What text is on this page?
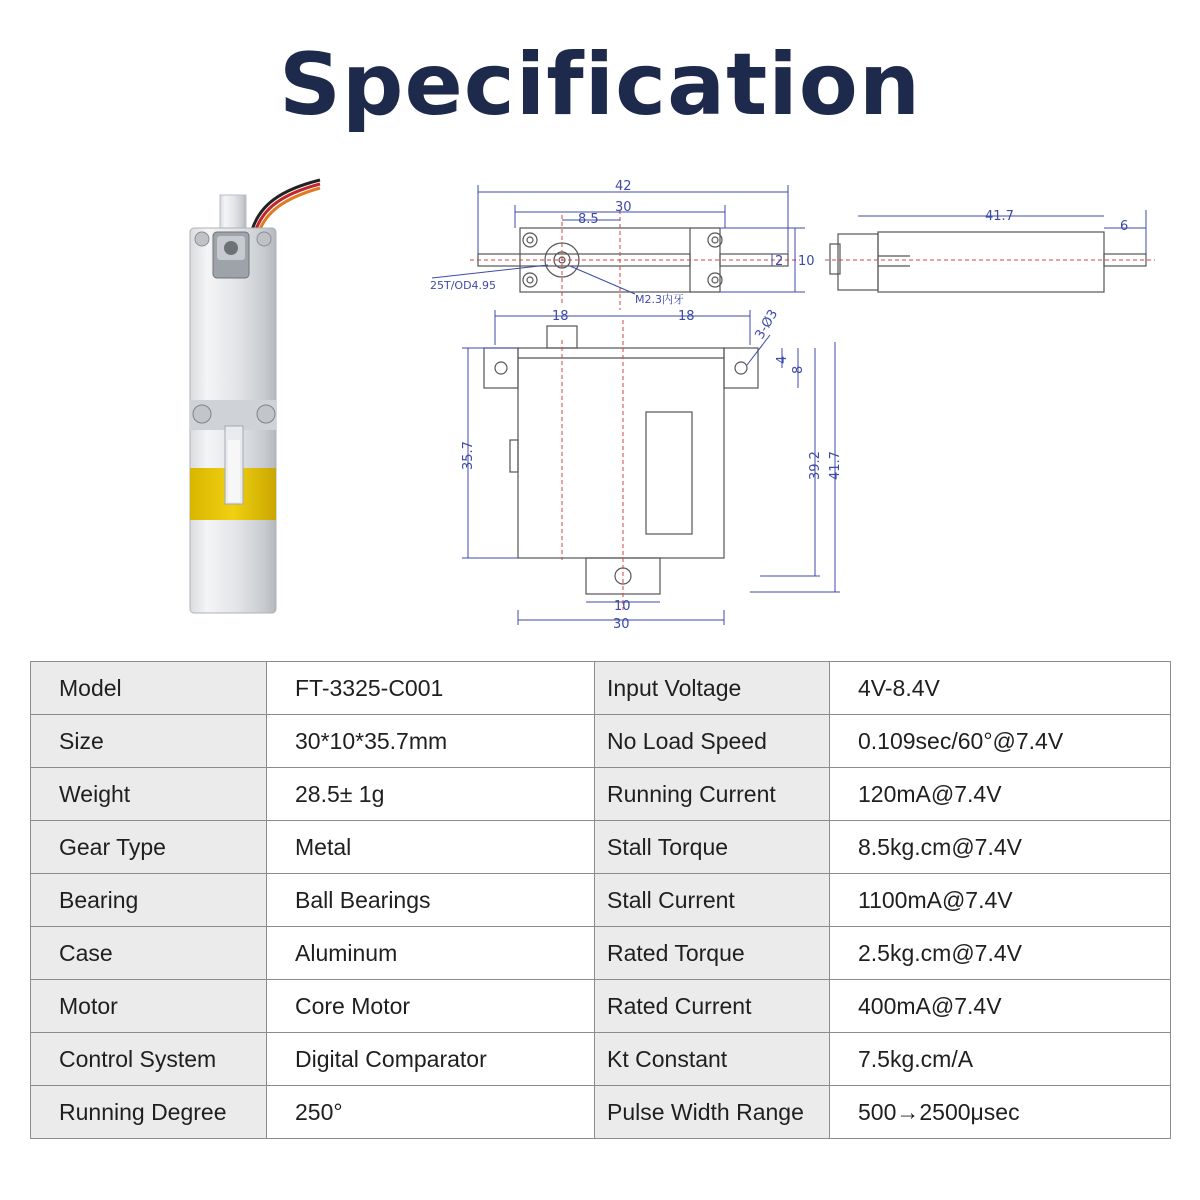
Specification
42
30
8.5
2 10
25T/OD4.95
M2.3内牙
41.7
6
18	18	3-Ø3
4
8
35.7	39.2 41.7
10
30
Model	FT-3325-C001	Input Voltage	4V-8.4V
Size	30*10*35.7mm	No Load Speed	0.109sec/60°@7.4V
Weight	28.5± 1g	Running Current	120mA@7.4V
Gear Type	Metal	Stall Torque	8.5kg.cm@7.4V
Bearing	Ball Bearings	Stall Current	1100mA@7.4V
Case	Aluminum	Rated Torque	2.5kg.cm@7.4V
Motor	Core Motor	Rated Current	400mA@7.4V
Control System	Digital Comparator	Kt Constant	7.5kg.cm/A
Running Degree	250°	Pulse Width Range	500→2500μsec
